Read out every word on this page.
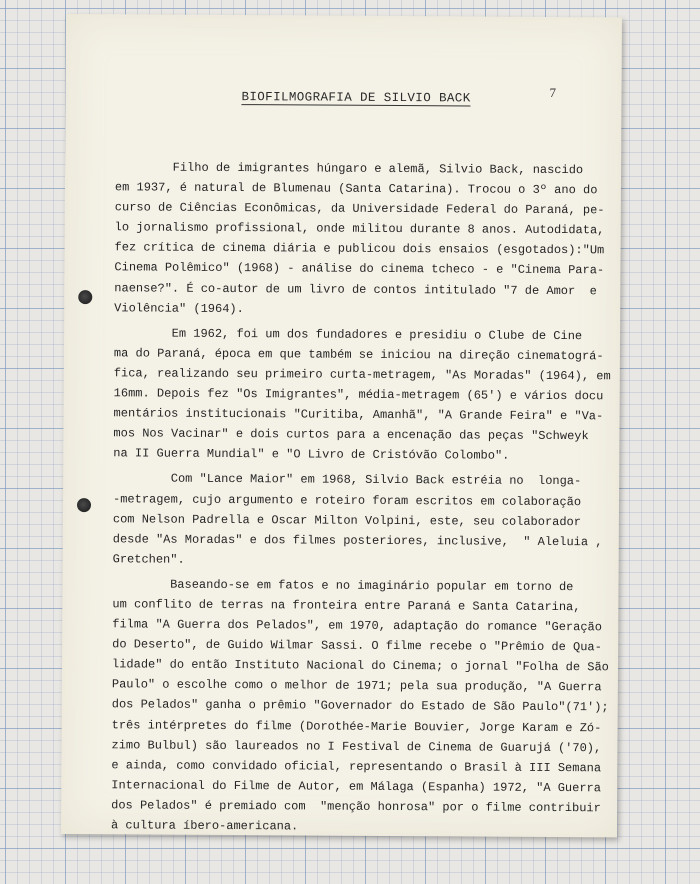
BIOFILMOGRAFIA DE SILVIO BACK	7
Filho de imigrantes húngaro e alemã, Silvio Back, nascido
em 1937, é natural de Blumenau (Santa Catarina). Trocou o 3º ano do
curso de Ciências Econômicas, da Universidade Federal do Paraná, pe-
lo jornalismo profissional, onde militou durante 8 anos. Autodidata,
fez crítica de cinema diária e publicou dois ensaios (esgotados):"Um
Cinema Polêmico" (1968) - análise do cinema tcheco - e "Cinema Para-
naense?". É co-autor de um livro de contos intitulado "7 de Amor  e
Violência" (1964).
Em 1962, foi um dos fundadores e presidiu o Clube de Cine
ma do Paraná, época em que também se iniciou na direção cinematográ-
fica, realizando seu primeiro curta-metragem, "As Moradas" (1964), em
16mm. Depois fez "Os Imigrantes", média-metragem (65') e vários docu
mentários institucionais "Curitiba, Amanhã", "A Grande Feira" e "Va-
mos Nos Vacinar" e dois curtos para a encenação das peças "Schweyk
na II Guerra Mundial" e "O Livro de Cristóvão Colombo".
Com "Lance Maior" em 1968, Silvio Back estréia no  longa-
-metragem, cujo argumento e roteiro foram escritos em colaboração
com Nelson Padrella e Oscar Milton Volpini, este, seu colaborador
desde "As Moradas" e dos filmes posteriores, inclusive,  " Aleluia ,
Gretchen".
Baseando-se em fatos e no imaginário popular em torno de
um conflito de terras na fronteira entre Paraná e Santa Catarina,
filma "A Guerra dos Pelados", em 1970, adaptação do romance "Geração
do Deserto", de Guido Wilmar Sassi. O filme recebe o "Prêmio de Qua-
lidade" do então Instituto Nacional do Cinema; o jornal "Folha de São
Paulo" o escolhe como o melhor de 1971; pela sua produção, "A Guerra
dos Pelados" ganha o prêmio "Governador do Estado de São Paulo"(71');
três intérpretes do filme (Dorothée-Marie Bouvier, Jorge Karam e Zó-
zimo Bulbul) são laureados no I Festival de Cinema de Guarujá ('70),
e ainda, como convidado oficial, representando o Brasil à III Semana
Internacional do Filme de Autor, em Málaga (Espanha) 1972, "A Guerra
dos Pelados" é premiado com  "menção honrosa" por o filme contribuir
à cultura íbero-americana.
